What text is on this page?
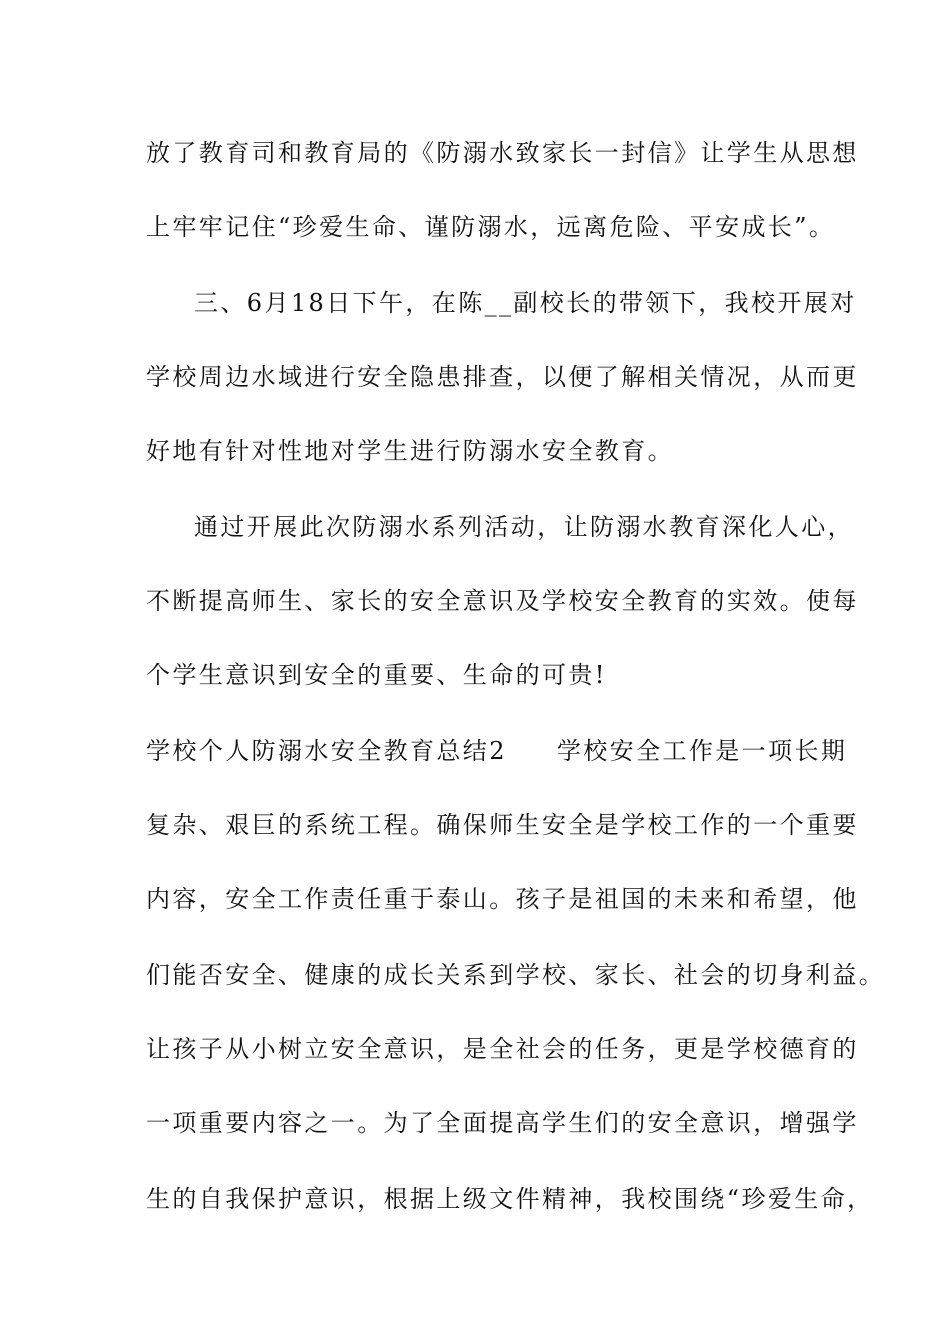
放了教育司和教育局的《防溺水致家长一封信》让学生从思想
上牢牢记住“珍爱生命、谨防溺水，远离危险、平安成长”。
三、6月18日下午，在陈__副校长的带领下，我校开展对
学校周边水域进行安全隐患排查，以便了解相关情况，从而更
好地有针对性地对学生进行防溺水安全教育。
通过开展此次防溺水系列活动，让防溺水教育深化人心，
不断提高师生、家长的安全意识及学校安全教育的实效。使每
个学生意识到安全的重要、生命的可贵!
学校个人防溺水安全教育总结2 学校安全工作是一项长期
复杂、艰巨的系统工程。确保师生安全是学校工作的一个重要
内容，安全工作责任重于泰山。孩子是祖国的未来和希望，他
们能否安全、健康的成长关系到学校、家长、社会的切身利益。
让孩子从小树立安全意识，是全社会的任务，更是学校德育的
一项重要内容之一。为了全面提高学生们的安全意识，增强学
生的自我保护意识，根据上级文件精神，我校围绕“珍爱生命，
